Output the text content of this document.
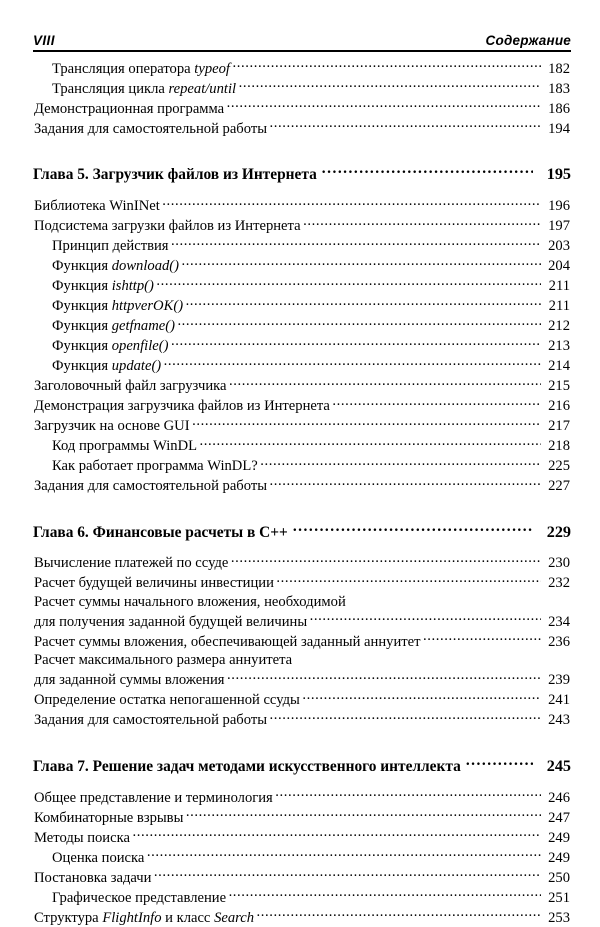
VIII	Содержание
Трансляция оператора typeof .....	182
Трансляция цикла repeat/until .....	183
Демонстрационная программа .....	186
Задания для самостоятельной работы .....	194
Глава 5. Загрузчик файлов из Интернета .....	195
Библиотека WinINet .....	196
Подсистема загрузки файлов из Интернета .....	197
Принцип действия .....	203
Функция download() .....	204
Функция ishttp() .....	211
Функция httpverOK() .....	211
Функция getfname() .....	212
Функция openfile() .....	213
Функция update() .....	214
Заголовочный файл загрузчика .....	215
Демонстрация загрузчика файлов из Интернета .....	216
Загрузчик на основе GUI .....	217
Код программы WinDL .....	218
Как работает программа WinDL? .....	225
Задания для самостоятельной работы .....	227
Глава 6. Финансовые расчеты в С++ .....	229
Вычисление платежей по ссуде .....	230
Расчет будущей величины инвестиции .....	232
Расчет суммы начального вложения, необходимой
для получения заданной будущей величины .....	234
Расчет суммы вложения, обеспечивающей заданный аннуитет .....	236
Расчет максимального размера аннуитета
для заданной суммы вложения .....	239
Определение остатка непогашенной ссуды .....	241
Задания для самостоятельной работы .....	243
Глава 7. Решение задач методами искусственного интеллекта .....	245
Общее представление и терминология .....	246
Комбинаторные взрывы .....	247
Методы поиска .....	249
Оценка поиска .....	249
Постановка задачи .....	250
Графическое представление .....	251
Структура FlightInfo и класс Search .....	253
